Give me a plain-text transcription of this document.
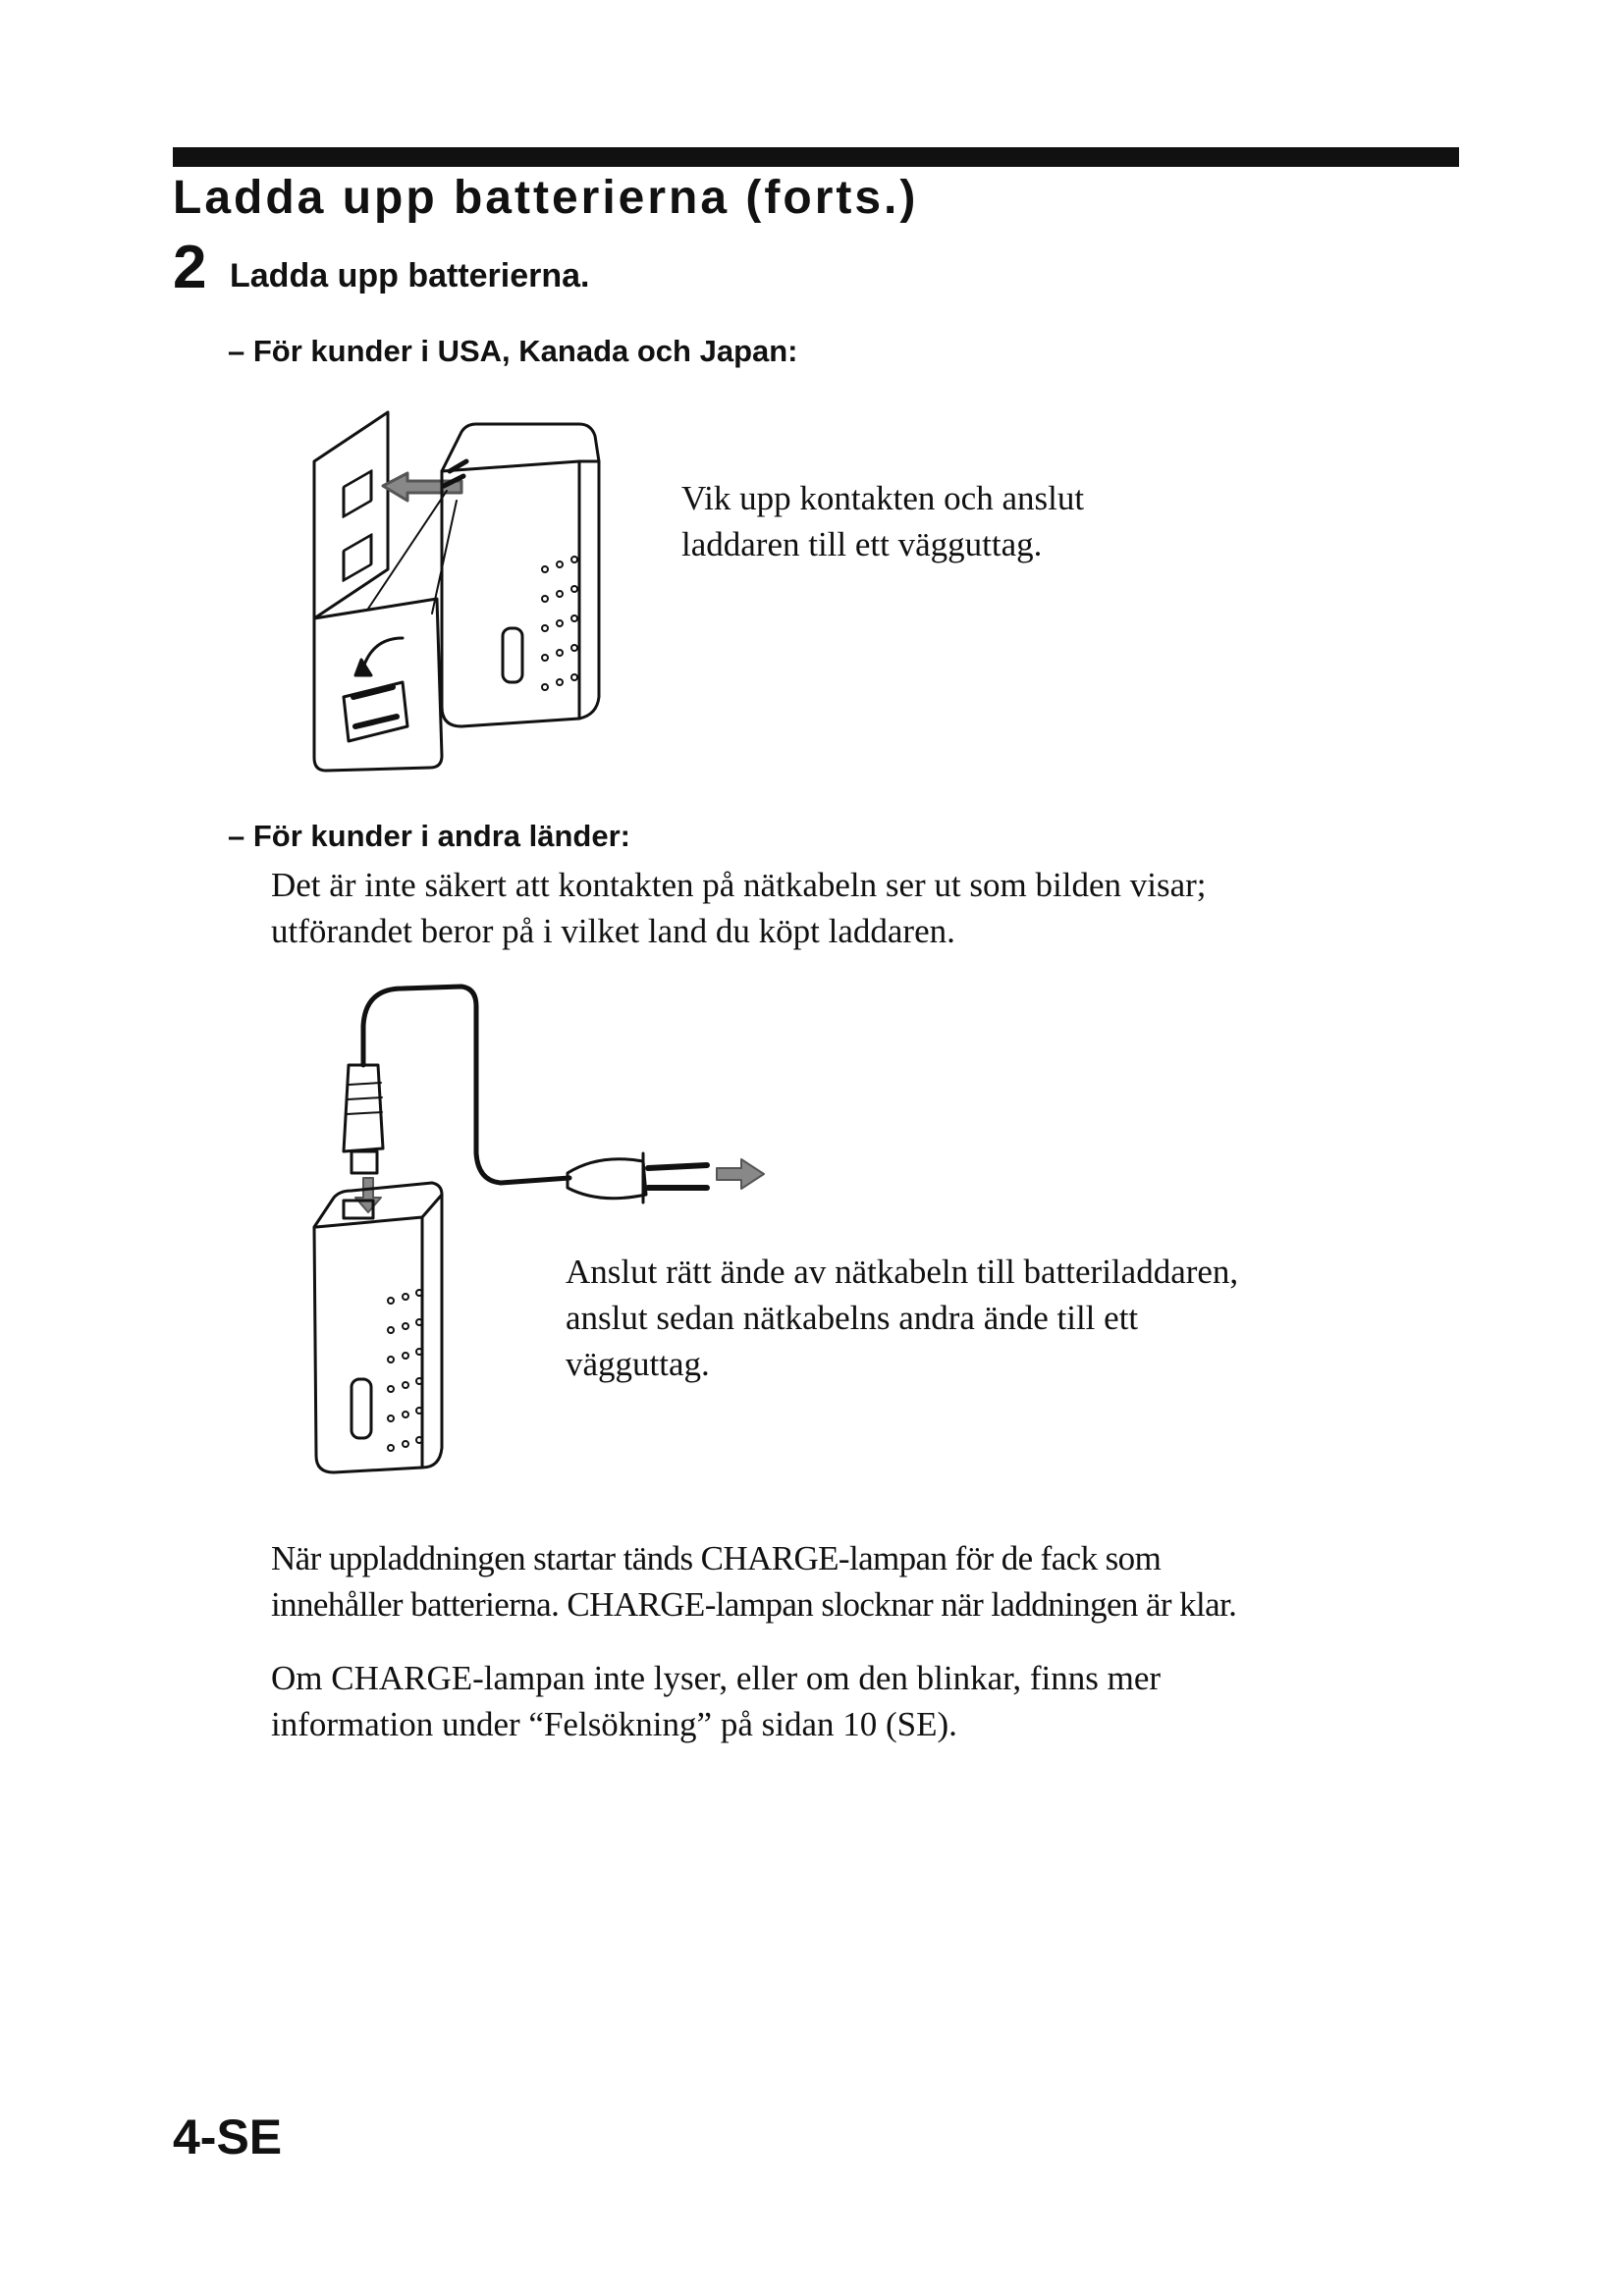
Ladda upp batterierna (forts.)
2 Ladda upp batterierna.
– För kunder i USA, Kanada och Japan:
Vik upp kontakten och anslut
laddaren till ett vägguttag.
– För kunder i andra länder:
Det är inte säkert att kontakten på nätkabeln ser ut som bilden visar;
utförandet beror på i vilket land du köpt laddaren.
Anslut rätt ände av nätkabeln till batteriladdaren,
anslut sedan nätkabelns andra ände till ett
vägguttag.
När uppladdningen startar tänds CHARGE-lampan för de fack som
innehåller batterierna. CHARGE-lampan slocknar när laddningen är klar.
Om CHARGE-lampan inte lyser, eller om den blinkar, finns mer
information under “Felsökning” på sidan 10 (SE).
4-SE
